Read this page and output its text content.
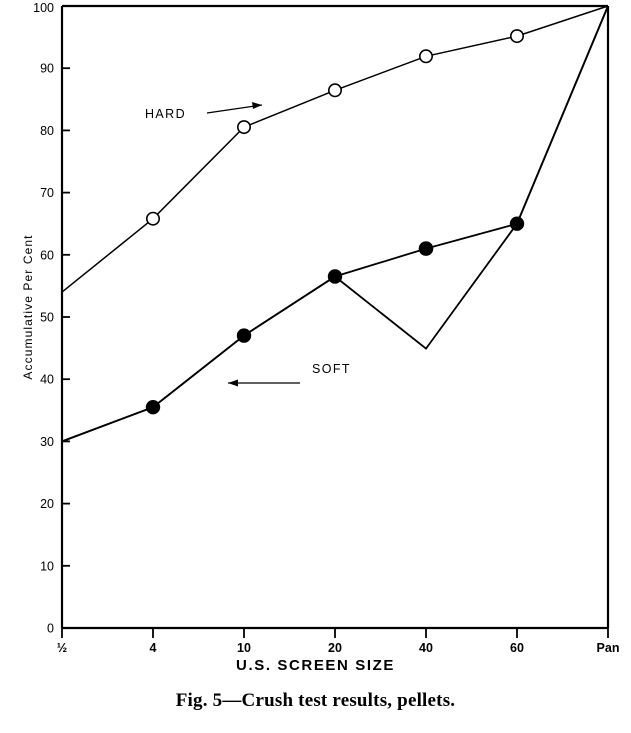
0
10
20
30
40
50
60
70
80
90
100
½	4	10	20	40	60	Pan
HARD
SOFT
Accumulative Per Cent
U.S. SCREEN SIZE
Fig. 5—Crush test results, pellets.
